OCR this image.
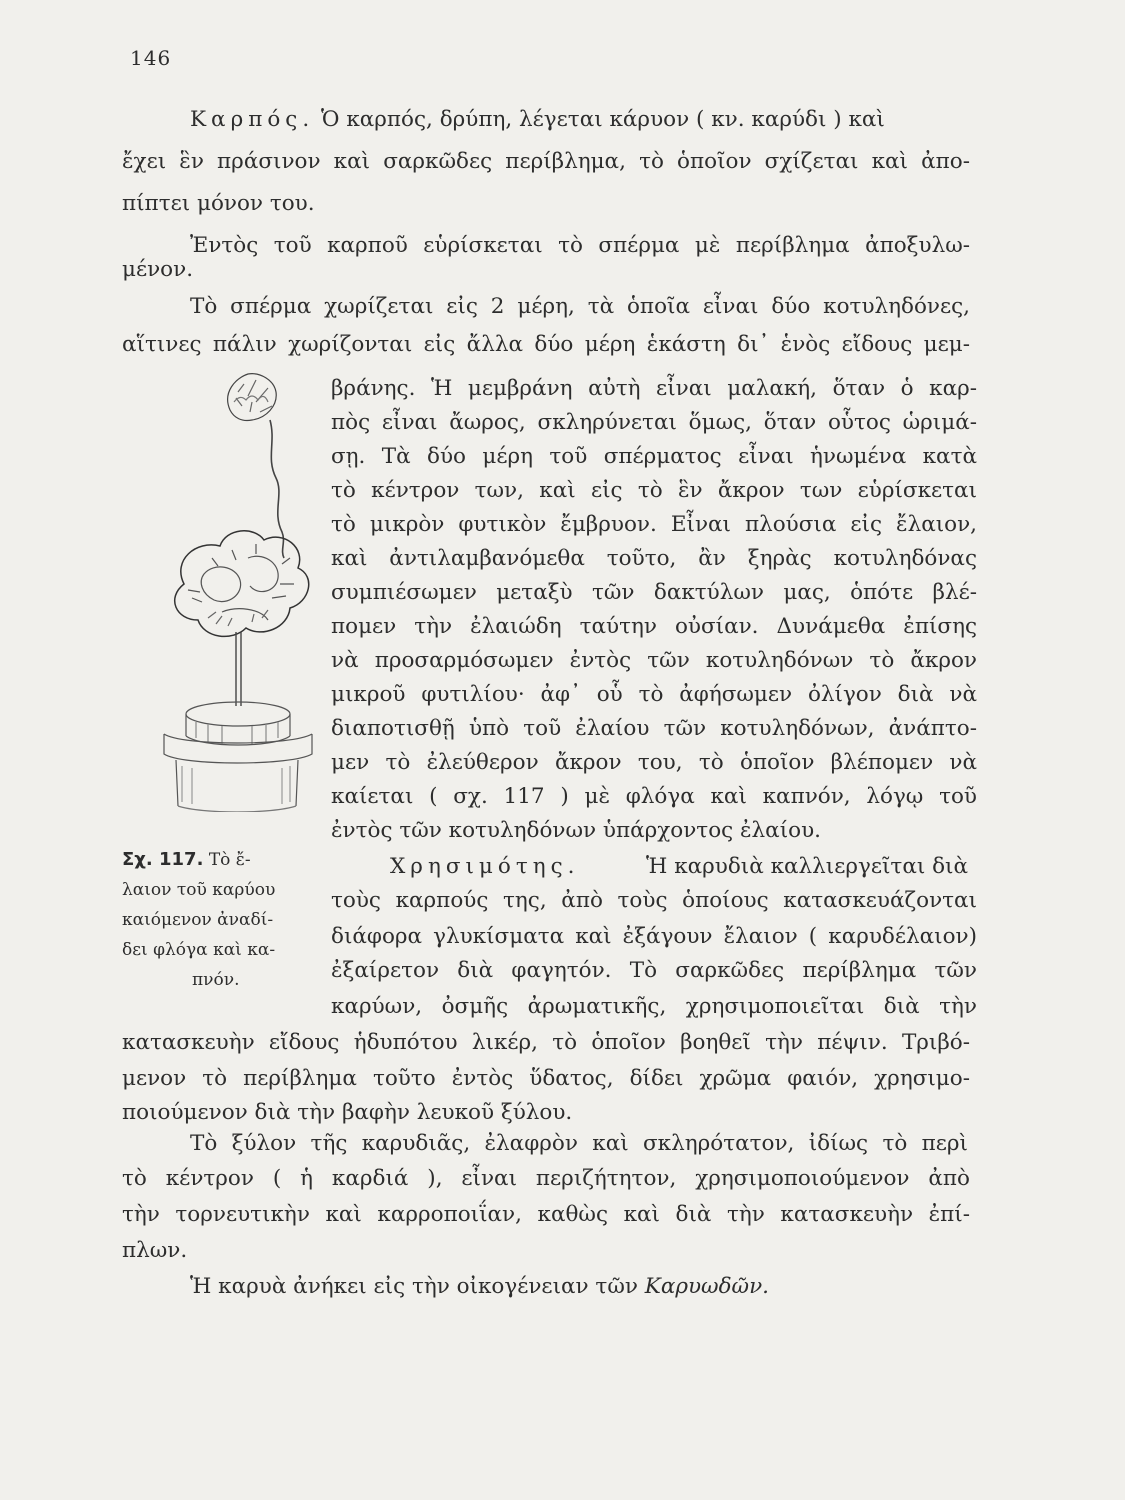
146
Καρπός. Ὁ καρπός, δρύπη, λέγεται κάρυον ( κν. καρύδι ) καὶ
ἔχει ἓν πράσινον καὶ σαρκῶδες περίβλημα, τὸ ὁποῖον σχίζεται καὶ ἀπο-
πίπτει μόνον του.
Ἐντὸς τοῦ καρποῦ εὑρίσκεται τὸ σπέρμα μὲ περίβλημα ἀποξυλω-
μένον.
Τὸ σπέρμα χωρίζεται εἰς 2 μέρη, τὰ ὁποῖα εἶναι δύο κοτυληδόνες,
αἵτινες πάλιν χωρίζονται εἰς ἄλλα δύο μέρη ἑκάστη δι᾽ ἑνὸς εἴδους μεμ-
βράνης. Ἡ μεμβράνη αὐτὴ εἶναι μαλακή, ὅταν ὁ καρ-
πὸς εἶναι ἄωρος, σκληρύνεται ὅμως, ὅταν οὗτος ὡριμά-
σῃ. Τὰ δύο μέρη τοῦ σπέρματος εἶναι ἡνωμένα κατὰ
τὸ κέντρον των, καὶ εἰς τὸ ἓν ἄκρον των εὑρίσκεται
τὸ μικρὸν φυτικὸν ἔμβρυον. Εἶναι πλούσια εἰς ἔλαιον,
καὶ ἀντιλαμβανόμεθα τοῦτο, ἂν ξηρὰς κοτυληδόνας
συμπιέσωμεν μεταξὺ τῶν δακτύλων μας, ὁπότε βλέ-
πομεν τὴν ἐλαιώδη ταύτην οὐσίαν. Δυνάμεθα ἐπίσης
νὰ προσαρμόσωμεν ἐντὸς τῶν κοτυληδόνων τὸ ἄκρον
μικροῦ φυτιλίου· ἀφ᾽ οὗ τὸ ἀφήσωμεν ὀλίγον διὰ νὰ
διαποτισθῇ ὑπὸ τοῦ ἐλαίου τῶν κοτυληδόνων, ἀνάπτο-
μεν τὸ ἐλεύθερον ἄκρον του, τὸ ὁποῖον βλέπομεν νὰ
καίεται ( σχ. 117 ) μὲ φλόγα καὶ καπνόν, λόγῳ τοῦ
ἐντὸς τῶν κοτυληδόνων ὑπάρχοντος ἐλαίου.
Χρησιμότης.	Ἡ καρυδιὰ καλλιεργεῖται διὰ
τοὺς καρπούς της, ἀπὸ τοὺς ὁποίους κατασκευάζονται
διάφορα γλυκίσματα καὶ ἐξάγουν ἔλαιον ( καρυδέλαιον)
ἐξαίρετον διὰ φαγητόν. Τὸ σαρκῶδες περίβλημα τῶν
καρύων, ὀσμῆς ἀρωματικῆς, χρησιμοποιεῖται διὰ τὴν
κατασκευὴν εἴδους ἡδυπότου λικέρ, τὸ ὁποῖον βοηθεῖ τὴν πέψιν. Τριβό-
μενον τὸ περίβλημα τοῦτο ἐντὸς ὕδατος, δίδει χρῶμα φαιόν, χρησιμο-
ποιούμενον διὰ τὴν βαφὴν λευκοῦ ξύλου.
Τὸ ξύλον τῆς καρυδιᾶς, ἐλαφρὸν καὶ σκληρότατον, ἰδίως τὸ περὶ
τὸ κέντρον ( ἡ καρδιά ), εἶναι περιζήτητον, χρησιμοποιούμενον ἀπὸ
τὴν τορνευτικὴν καὶ καρροποιΐαν, καθὼς καὶ διὰ τὴν κατασκευὴν ἐπί-
πλων.
Ἡ καρυὰ ἀνήκει εἰς τὴν οἰκογένειαν τῶν Καρυωδῶν.
Σχ. 117. Τὸ ἔ-
λαιον τοῦ καρύου
καιόμενον ἀναδί-
δει φλόγα καὶ κα-
πνόν.
